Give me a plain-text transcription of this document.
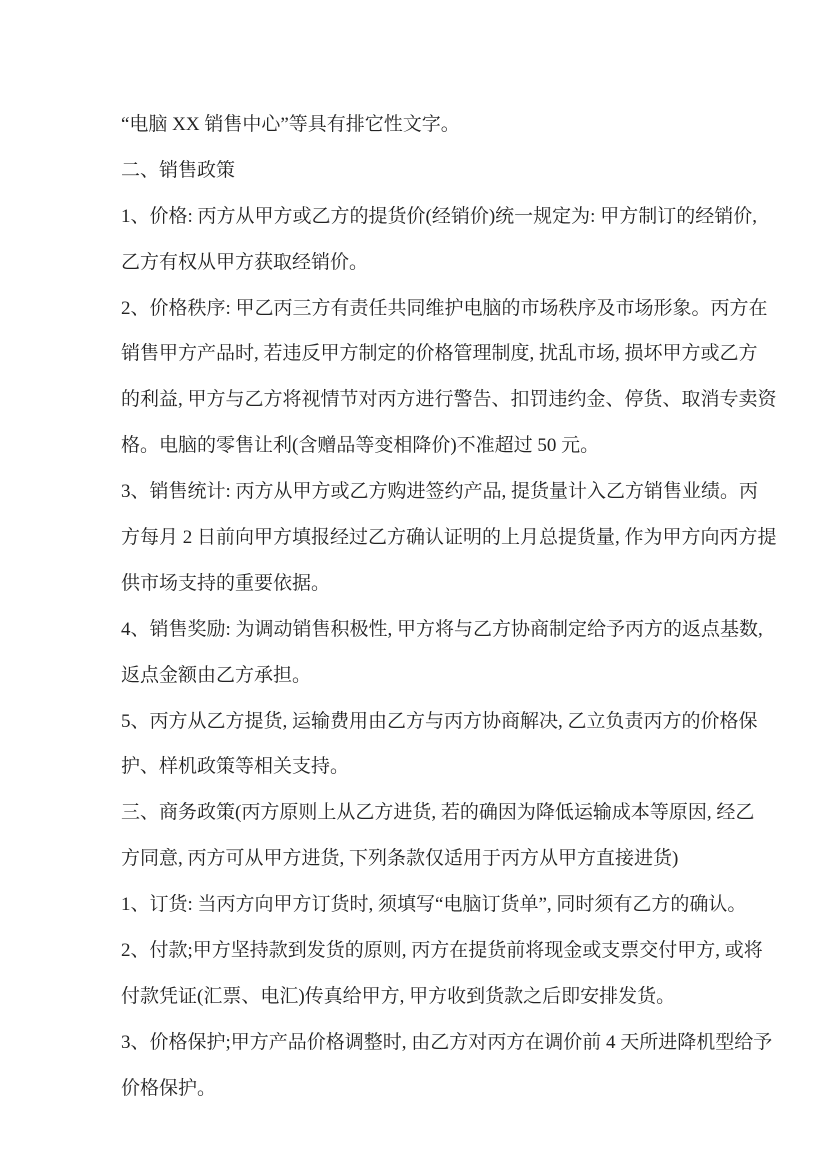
“电脑 XX 销售中心”等具有排它性文字。
二、销售政策
1、价格: 丙方从甲方或乙方的提货价(经销价)统一规定为: 甲方制订的经销价,
乙方有权从甲方获取经销价。
2、价格秩序: 甲乙丙三方有责任共同维护电脑的市场秩序及市场形象。丙方在
销售甲方产品时, 若违反甲方制定的价格管理制度, 扰乱市场, 损坏甲方或乙方
的利益, 甲方与乙方将视情节对丙方进行警告、扣罚违约金、停货、取消专卖资
格。电脑的零售让利(含赠品等变相降价)不准超过 50 元。
3、销售统计: 丙方从甲方或乙方购进签约产品, 提货量计入乙方销售业绩。丙
方每月 2 日前向甲方填报经过乙方确认证明的上月总提货量, 作为甲方向丙方提
供市场支持的重要依据。
4、销售奖励: 为调动销售积极性, 甲方将与乙方协商制定给予丙方的返点基数,
返点金额由乙方承担。
5、丙方从乙方提货, 运输费用由乙方与丙方协商解决, 乙立负责丙方的价格保
护、样机政策等相关支持。
三、商务政策(丙方原则上从乙方进货, 若的确因为降低运输成本等原因, 经乙
方同意, 丙方可从甲方进货, 下列条款仅适用于丙方从甲方直接进货)
1、订货: 当丙方向甲方订货时, 须填写“电脑订货单”, 同时须有乙方的确认。
2、付款;甲方坚持款到发货的原则, 丙方在提货前将现金或支票交付甲方, 或将
付款凭证(汇票、电汇)传真给甲方, 甲方收到货款之后即安排发货。
3、价格保护;甲方产品价格调整时, 由乙方对丙方在调价前 4 天所进降机型给予
价格保护。
